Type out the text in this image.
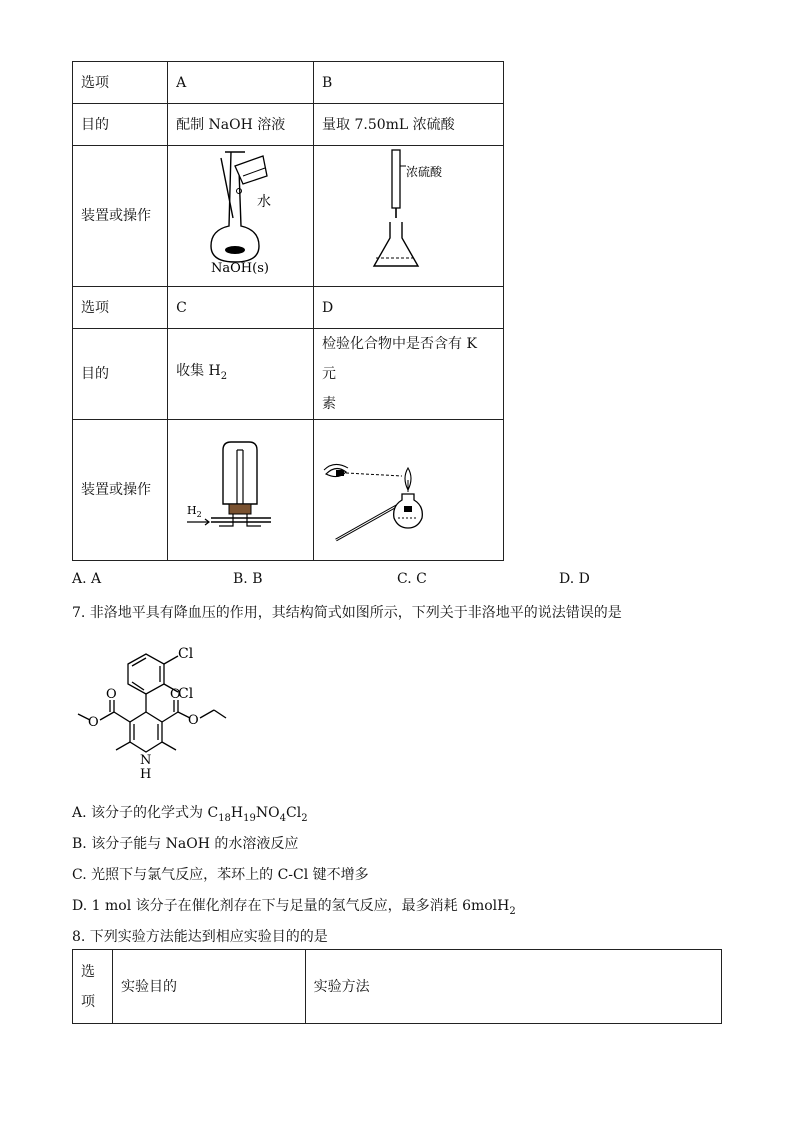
选项	A	B
目的	配制 NaOH 溶液	量取 7.50mL 浓硫酸
装置或操作	水
NaOH(s)	浓硫酸

选项	C	D
目的	收集 $H_2$	检验化合物中是否含有 K 元
素
装置或操作	$H_2$

A. A	B. B	C. C	D. D
7. 非洛地平具有降血压的作用，其结构简式如图所示，下列关于非洛地平的说法错误的是
Cl
Cl
O
O
O
O
N
H
A. 该分子的化学式为 $C_{18}H_{19}NO_4Cl_2$
B. 该分子能与 NaOH 的水溶液反应
C. 光照下与氯气反应，苯环上的 C-Cl 键不增多
D. 1 mol 该分子在催化剂存在下与足量的氢气反应，最多消耗 6molH$_2$
8. 下列实验方法能达到相应实验目的的是
选
项	实验目的	实验方法
